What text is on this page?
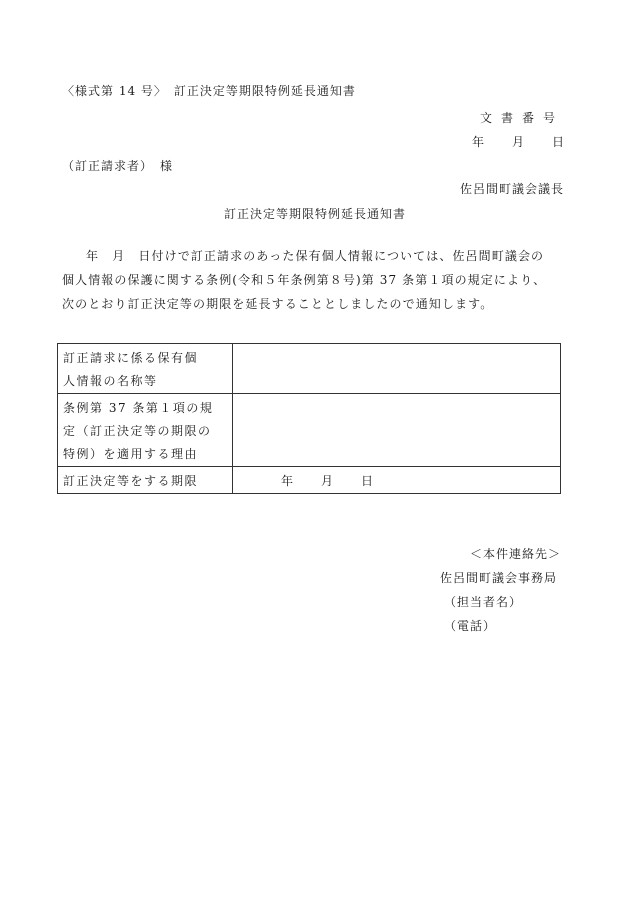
〈様式第 14 号〉　訂正決定等期限特例延長通知書
文書番号
年 月 日
（訂正請求者）　様
佐呂間町議会議長
訂正決定等期限特例延長通知書
年　月　日付けで訂正請求のあった保有個人情報については、佐呂間町議会の
個人情報の保護に関する条例(令和５年条例第８号)第 37 条第１項の規定により、
次のとおり訂正決定等の期限を延長することとしましたので通知します。
訂正請求に係る保有個
人情報の名称等	

条例第 37 条第１項の規
定（訂正決定等の期限の
特例）を適用する理由	

訂正決定等をする期限	年 月 日
＜本件連絡先＞
佐呂間町議会事務局
（担当者名）
（電話）
